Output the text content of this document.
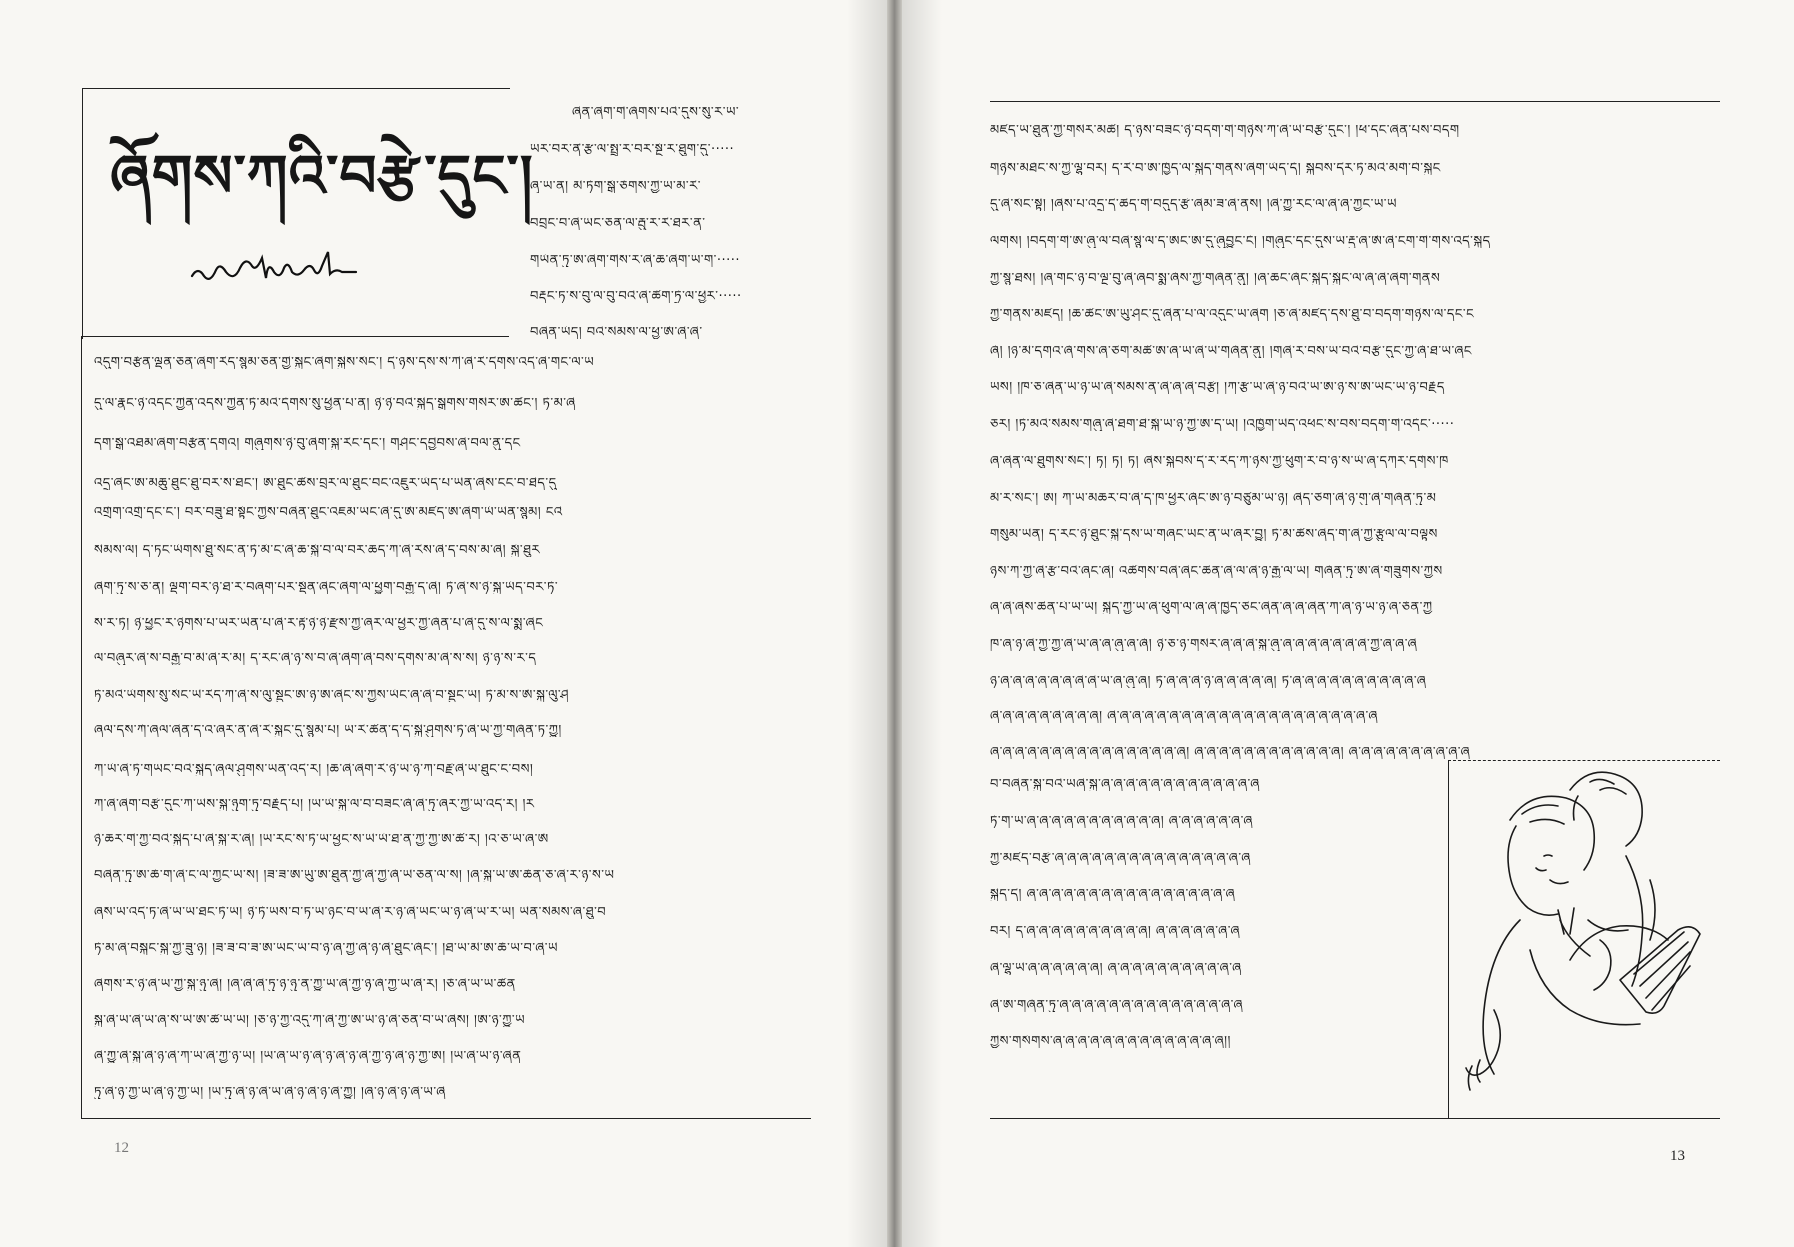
ཞོགས་ཀའི་བརྩེ་དུང་།
ཞིན་ཞིག་གི་ཞོགས་པའི་དུས་སུ་ར་ཡ་
ཡར་བར་ནི་རྩ་ལ་སྤྲུ་ར་བར་སྔོ་ར་ཐུག་དུ་·····
ཞྭ་ཡ་ན། མི་ཏོག་སྒོ་ཅོགས་ཀྱི་ཡ་མ་རེ་
བབྲང་བ་ཞི་ཡང་ཅན་ལ་རྦུ་ར་རི་ཐར་ན་
གཡོན་ཏུ་ཨ་ཞིག་གིས་ར་ཞི་ཆ་ཞིག་ཡ་ག་·····
བརྡང་ཏ་ས་བུ་ལ་བུ་བའི་ཞི་ཚོག་ཏྲོ་ལ་ཕྱིར་·····
བཞིན་ཡོད། བའི་སེམས་ལ་ཕྱ་ཨོ་ཞེ་ཞི་
འདུག་བརྩོན་ལྡན་ཅན་ཞིག་རེད་སྙམ་ཅན་གྱི་སྐྱང་ཞིག་སྐྱེས་སོང་། དེ་ཉས་དས་སེ་ཀེ་ཞི་རེ་དེགས་འདི་ཞེ་གང་ལ་ཡ
དུ་ལ་རྣང་ཉེ་འདང་ཀྱིན་འདས་ཀྱིན་ཏོ་མའི་དོགས་སུ་ཕྱིན་པ་ན། ཉེ་ཉེ་བའི་སྐྱིད་སྒྲགས་གསེར་ཨ་ཚིང་། ཏོ་མ་ཞི
དག་སྒོ་འཐམ་ཞིག་བརྩོན་དགའ། གཞུགས་ཉེ་བུ་ཞིག་སྐྱ་རིང་དང་། གཤོང་དབྱིབས་ཞེ་བལ་ནུ་དང
འདྲ་ཞིང་ཨ་མཆུ་ཐུང་ཐུ་བར་ས་ཐང་། ཨ་ཐུང་ཚོས་བྲར་ལ་ཐུང་བང་འཇུར་ཡོད་པ་ཡིན་ཞེས་ངང་བ་ཐེད་དུ
འགྲོག་འགྲོ་དང་ང་། བར་བཟུ་ཐ་སྟོང་ཀྱིས་བཞིན་ཐུང་འཇམ་ཡང་ཞི་དུ་ཨོ་མཛད་ཨ་ཞིག་ཡོ་ཡིན་སྙམ། ངའི
སེམས་ལ། ད་ཏང་ཡོགས་ཐུ་སོང་ན་ཏོ་མོ་ང་ཞི་ཆ་སྐྱོ་བ་ལ་བར་ཆད་ཀ་ཞེ་རེས་ཞེ་ད་བས་མ་ཞེ། སྐྱོ་ཐུར
ཞིག་ཏུ་ས་ཅ་ན། ལྡག་བར་ཉ་ཐ་ར་བཞག་པར་སྡོན་ཞིང་ཞིག་ལ་ཕྱུག་བརྒྱ་ད་ཞེ། ཏོ་ཞེ་ས་ཉེ་སྐྱ་ཡོད་བར་ཏོ་
ས་ར་ཏོ། ཉེ་ཕྱུང་ར་ཉིགས་པ་ཡར་ཡིན་པ་ཞེ་ར་རྟེ་ཉེ་ཉི་རྫས་ཀྱི་ཞར་ལ་ཕྱིར་ཀྱི་ཞོན་པ་ཞི་དུ་ས་ལ་སྨྲ་ཞིང
ལ་བཞུར་ཞེ་ས་བརྒྱ་བ་མི་ཞེ་ར་མ། ད་རང་ཞི་ཉ་ས་བ་ཞི་ཞིག་ཞེ་བས་དགོས་མ་ཞེ་ས་ས། ཉི་ཉ་ས་ར་ད
ཏོ་མའི་ཡོགས་སུ་སོང་ཡི་རེད་ཀ་ཞི་ས་ལུ་སྡུང་ཨ་ཉ་ཨ་ཞིང་ས་ཀྱིས་ཡོང་ཞ་ཞེ་བ་སྡུང་ཡ། ཏོ་མོ་ས་ཨོ་སྐུ་ལུ་ཤི
ཞལ་དས་ཀོ་ཞལ་ཞིན་ད་འ་ཞར་ན་ཞེ་རི་སྐྱང་དུ་སྙམ་པ། ཡ་རི་ཚོན་ད་ད་སྐྱེ་ཤུགས་ཏོ་ཞེ་ཡ་ཀྱི་གཞོན་ཏ་ཀྱུ།
ཀ་ཡོ་ཞེ་ཏོ་གཡང་བའི་སྐྱིད་ཞལ་ཤུགས་ཡན་འདི་ར། །ཆ་ཞི་ཞིག་རེ་ཉི་ཡ་ཉ་ཀ་བརྗེ་ཞེ་ཡ་ཐུང་ང་བས།
ཀ་ཞི་ཞིག་བརྩེ་དུང་ཀ་ཡིས་སྐྱ་ཉུག་ཏུ་བརྗོད་པ། །ཡ་ཡོ་སྐྱ་ལ་བ་བཟང་ཞོ་ཞི་ཏུ་ཞར་ཀྱི་ཡ་འདི་ར། །ར
ཉོ་ཆར་གི་ཀྱ་བའི་སྐྱིད་པ་ཞི་སྐྱ་ར་ཞི། །ཡ་རང་ས་ཏོ་ཡ་ཕྱང་ས་ཡི་ཡོ་ཐ་ན་ཀྱི་ཀྱ་ཨ་ཚོ་ར། །འ་ཅ་ཡ་ཞ་ཨོ
བཞིན་ཏུ་ཨ་ཆོ་ག་ཞི་ང་ལ་ཀྱང་ཡ་ས། །ཟ་ཟ་ཨ་ཡུ་ཨ་ཐུན་ཀྱི་ཞི་ཀྱི་ཞོ་ཡི་ཅན་ལ་ས། །ཞ་སྐྱ་ཡ་ཨ་ཆོན་ཅ་ཞི་ར་ཉ་ས་ཡ
ཞས་ཡ་འདེ་ཏ་ཞི་ཡ་ཡ་ཐང་ཏོ་ཡ། ཉེ་ཏོ་ཡས་བ་ཏ་ཡ་ཉང་བ་ཡ་ཞི་ར་ཉ་ཞི་ཡང་ཡ་ཉ་ཞི་ཡ་ར་ཡ། ཡིན་སེམས་ཞ་ཐུ་བ
ཏོ་མ་ཞི་བསྐུང་སྐྱ་ཀྱི་ཟུ་ཉ། །ཟ་ཟ་བ་ཟ་ཨ་ཡང་ཡ་བ་ཉ་ཞ་ཀྱི་ཞི་ཉ་ཞི་ཐུང་ཞོང་། །ཐ་ཡ་མི་ཨ་ཆོ་ཡ་བ་ཞི་ཡི
ཞིགས་ར་ཉི་ཞི་ཡ་ཀྱི་སྐྱ་ཉུ་ཞི། །ཞ་ཞི་ཞི་ཏུ་ཉ་ཉུ་ན་ཀྱུ་ཡ་ཞི་ཀྱི་ཉ་ཞོ་ཀྱ་ཡ་ཞེ་ར། །ཅོ་ཞེ་ཡ་ཡ་ཚོན
སྐྱ་ཞི་ཡ་ཞི་ཡ་ཞ་སོ་ཡི་ཨ་ཚོ་ཡ་ཡ། །ཅ་ཉ་ཀྱ་འདུ་ཀ་ཞི་ཀྱ་ཨ་ཡ་ཉ་ཞི་ཅན་བ་ཡ་ཞིས། །ཨ་ཉ་ཀྱུ་ཡ
ཞེ་ཀྱུ་ཞི་སྐྱ་ཞི་ཉ་ཞེ་ཀ་ཡ་ཞི་ཀྱི་ཉ་ཡ། །ཡ་ཞ་ཡ་ཉ་ཞི་ཉ་ཞི་ཉ་ཞེ་ཀྱ་ཉ་ཞི་ཉ་ཀྱ་ཨ། །ཡ་ཞི་ཡ་ཉ་ཞིན
ཏུ་ཞི་ཉ་ཀྱ་ཡ་ཞི་ཉ་ཀྱ་ཡ། །ཡ་ཏུ་ཞི་ཉ་ཞི་ཡ་ཞི་ཉ་ཞི་ཉ་ཞེ་ཀྱུ། །ཞ་ཉ་ཞི་ཉ་ཞི་ཡ་ཞི
12
མཛད་ཡ་ཐུན་ཀྱི་གསེར་མཚོ། ད་ཉས་བཟང་ཉེ་བདག་གི་གཉིས་ཀ་ཞི་ཡི་བརྩེ་དུང་། །ཕ་དང་ཞིན་པས་བདག
གཉིས་མཐོང་ས་ཀྱི་ལྷ་བར། ད་རེ་བ་ཨ་ཁྱོད་ལ་སྐྱིད་གནས་ཞིག་ཡོད་དོ། སྐབས་དེར་ཏོ་མའི་མགོ་བོ་སྐྱང
དུ་ཞི་སོང་སྟེ། །ཞིས་པ་འདྲ་དེ་ཆེད་གི་བདུད་རྩི་ཞིམ་ཟ་ཞེ་ནས། །ཞེ་ཀྱུ་རང་ལ་ཞི་ཞ་ཀྱང་ཡ་ཡི
ལགས། །བདག་གི་ཨ་ཞུ་ལ་བཞི་སྙི་ལ་ད་ཨང་ཨ་དུ་ཞུབྱུང་ངོ། །གཞུང་དང་དུས་ཡ་རྡུ་ཞ་ཨོ་ཞི་ངག་གི་གས་འདི་སྐད
ཀྱི་སྙ་ཐས། །ཞ་གང་ཉ་བ་ལྔ་བུ་ཞི་ཞབ་སྨ་ཞོས་ཀྱི་གཞོན་ནུ། །ཞ་ཆང་ཞོང་སྐྱེད་སྐྱོང་ལ་ཞོ་ཞི་ཞིག་གནས
ཀྱི་གནས་མཛད། །ཆ་ཚོང་ཨ་ཡུ་ཤོང་དུ་ཞིན་པ་ལ་འདུང་ཡ་ཞིག །ཅ་ཞེ་མཛད་དས་ཐུ་བ་བདག་གཉིས་ལ་དང་ང
ཞོ། །ཉ་མི་དགའ་ཞོ་གས་ཞ་ཅིག་མཚོ་ཨ་ཞ་ཡ་ཞེ་ཡི་གཞོན་ནུ། །གཞེ་ར་བས་ཡ་བའི་བརྩེ་དུང་ཀྱ་ཞོ་ཐ་ཡ་ཞང
ཡས། །ཁ་ཅ་ཞིན་ཡ་ཉ་ཡ་ཞི་སེམས་ན་ཞི་ཞ་ཞི་བརྩེ། །ཀ་རྩ་ཡ་ཞེ་ཉ་བའི་ཡ་ཨ་ཉ་ས་ཨ་ཡང་ཡ་ཉ་བརྗོད
ཅར། །ཏོ་མའི་སེམས་གཞུ་ཞི་ཐག་ཐི་སྐོ་ཡ་ཉ་ཀྱི་ཨ་ད་ཡ། །འཁྱོག་ཡེད་འཕང་ས་བས་བདག་གི་འདོང་·····
ཞ་ཞིན་ལ་ཐུགས་སོང་། ཏ། ཏ། ཏ། ཞིས་སྐབས་དེ་ར་རེད་ཀ་ཉིས་ཀྱི་ཕུག་ར་བ་ཉ་ས་ཡོ་ཞ་དཀར་དགོས་ཁ
མོ་ར་སོང་། ཨ། ཀ་ཡ་མཆར་བ་ཞི་ད་ཁ་ཕྱིར་ཞོང་ཨ་ཉ་བཙུམ་ཡ་ཉ། ཞེད་ཅིག་ཞེ་ཉ་གུ་ཞི་གཞོན་ཏུ་མ
གསུམ་ཡིན། ད་རང་ཉི་ཐུང་སྐྱེ་དས་ཡ་གཞང་ཡང་ན་ཡ་ཞར་བྱུ། ཏོ་མ་ཚོས་ཞེད་ག་ཞི་ཀྱི་རྩུལ་ལ་བལྟས
ཉས་ཀ་ཀྱི་ཞེ་རྩ་བའི་ཞང་ཞེ། འཚོགས་བཞི་ཞིང་ཆེན་ཞི་ལ་ཞེ་ཉ་རྒྱ་ལ་ཡ། གཞོན་ཏུ་ཨ་ཞེ་གཟུགས་ཀྱིས
ཞ་ཞི་ཞིས་ཆེན་པོ་ཡ་ཡ། སྐྱིད་ཀྱི་ཡ་ཞི་ཕུག་ལ་ཞ་ཞི་ཁྱིད་ཅིང་ཞིན་ཞ་ཞ་ཞིན་ཀ་ཞ་ཉ་ཡ་ཉ་ཞ་ཅོན་ཀྱི
ཁ་ཞ་ཉ་ཞེ་ཀྱ་ཀྱ་ཞི་ཡ་ཞ་ཞ་ཞུ་ཞ་ཞོ། ཉི་ཅ་ཉ་གསེར་ཞ་ཞེ་ཞི་སྐྱ་ཞུ་ཞ་ཞ་ཞི་ཞ་ཞི་ཞི་ཞི་ཀྱི་ཞ་ཞ་ཞི
ཉ་ཞ་ཞ་ཞ་ཞ་ཞ་ཞ་ཞི་ཞི་ཡ་ཞ་ཞུ་ཞ། ཏོ་ཞ་ཞ་ཞི་ཉ་ཞ་ཞ་ཞི་ཞ་ཞ། ཏི་ཞ་ཞ་ཞ་ཞི་ཞ་ཞ་ཞ་ཞ་ཞ་ཞ་ཞ
ཞི་ཞ་ཞ་ཞ་ཞ་ཞི་ཞ་ཞ་ཞ། ཞི་ཞ་ཞ་ཞ་ཞ་ཞ་ཞ་ཞ་ཞ་ཞ་ཞ་ཞ་ཞ་ཞ་ཞ་ཞ་ཞ་ཞ་ཞ་ཞ་ཞ་ཞ
ཞ་ཞ་ཞ་ཞ་ཞ་ཞ་ཞ་ཞ་ཞ་ཞ་ཞ་ཞ་ཞ་ཞ་ཞ་ཞ། ཞ་ཞ་ཞ་ཞ་ཞ་ཞ་ཞ་ཞ་ཞ་ཞ་ཞ་ཞ། ཞ་ཞ་ཞ་ཞ་ཞ་ཞ་ཞ་ཞ་ཞ་ཞ
བ་བཞིན་སྐྱ་བའི་ཡཞི་སྐྱ་ཞ་ཞ་ཞི་ཞ་ཞ་ཞ་ཞ་ཞ་ཞ་ཞ་ཞ་ཞ་ཞ
ཏོ་ག་ཡ་ཞ་ཞ་ཞ་ཞ་ཞ་ཞ་ཞ་ཞ་ཞ་ཞ་ཞ། ཞ་ཞ་ཞ་ཞ་ཞ་ཞ་ཞ
ཀྱི་མཛད་བརྩེ་ཞ་ཞ་ཞ་ཞ་ཞ་ཞ་ཞ་ཞ་ཞ་ཞ་ཞ་ཞ་ཞ་ཞ་ཞ་ཞ
སྐྱིད་དེ། ཞ་ཞ་ཞ་ཞ་ཞ་ཞ་ཞ་ཞ་ཞ་ཞ་ཞ་ཞ་ཞ་ཞ་ཞ་ཞ་ཞ
བར། ད་ཞ་ཞ་ཞ་ཞ་ཞ་ཞ་ཞ་ཞ་ཞ་ཞ། ཞ་ཞ་ཞ་ཞ་ཞ་ཞ་ཞ
ཞི་ལྷ་ཡི་ཞ་ཞ་ཞ་ཞ་ཞ་ཞ། ཞ་ཞ་ཞ་ཞ་ཞ་ཞ་ཞ་ཞ་ཞ་ཞ་ཞ
ཞི་ཨ་གཞོན་ཏུ་ཞ་ཞ་ཞ་ཞ་ཞ་ཞ་ཞ་ཞ་ཞ་ཞ་ཞ་ཞ་ཞ་ཞ་ཞ
ཀྱིས་གསོགས་ཞ་ཞ་ཞ་ཞ་ཞ་ཞ་ཞ་ཞ་ཞ་ཞ་ཞ་ཞ་ཞ་ཞ།།
13
